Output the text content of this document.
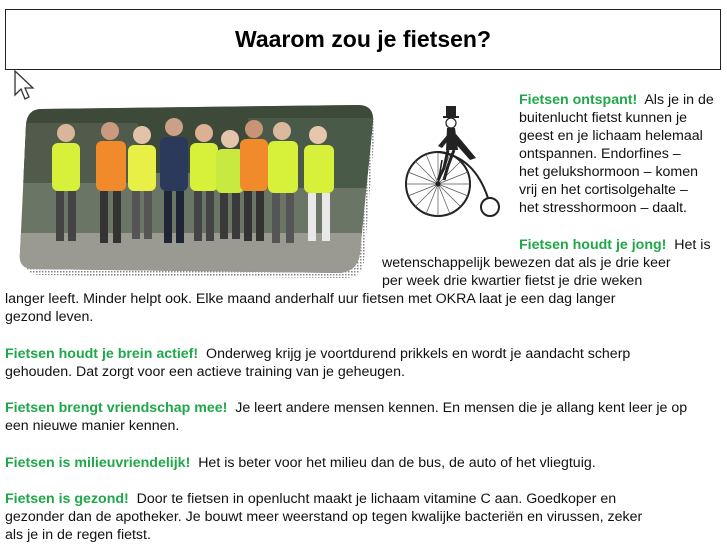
Waarom zou je fietsen?
Fietsen ontspant! Als je in de
buitenlucht fietst kunnen je
geest en je lichaam helemaal
ontspannen. Endorfines –
het gelukshormoon – komen
vrij en het cortisolgehalte –
het stresshormoon – daalt.
Fietsen houdt je jong! Het is
wetenschappelijk bewezen dat als je drie keer
per week drie kwartier fietst je drie weken
langer leeft. Minder helpt ook. Elke maand anderhalf uur fietsen met OKRA laat je een dag langer
gezond leven.
Fietsen houdt je brein actief! Onderweg krijg je voortdurend prikkels en wordt je aandacht scherp
gehouden. Dat zorgt voor een actieve training van je geheugen.
Fietsen brengt vriendschap mee! Je leert andere mensen kennen. En mensen die je allang kent leer je op
een nieuwe manier kennen.
Fietsen is milieuvriendelijk! Het is beter voor het milieu dan de bus, de auto of het vliegtuig.
Fietsen is gezond! Door te fietsen in openlucht maakt je lichaam vitamine C aan. Goedkoper en
gezonder dan de apotheker. Je bouwt meer weerstand op tegen kwalijke bacteriën en virussen, zeker
als je in de regen fietst.
